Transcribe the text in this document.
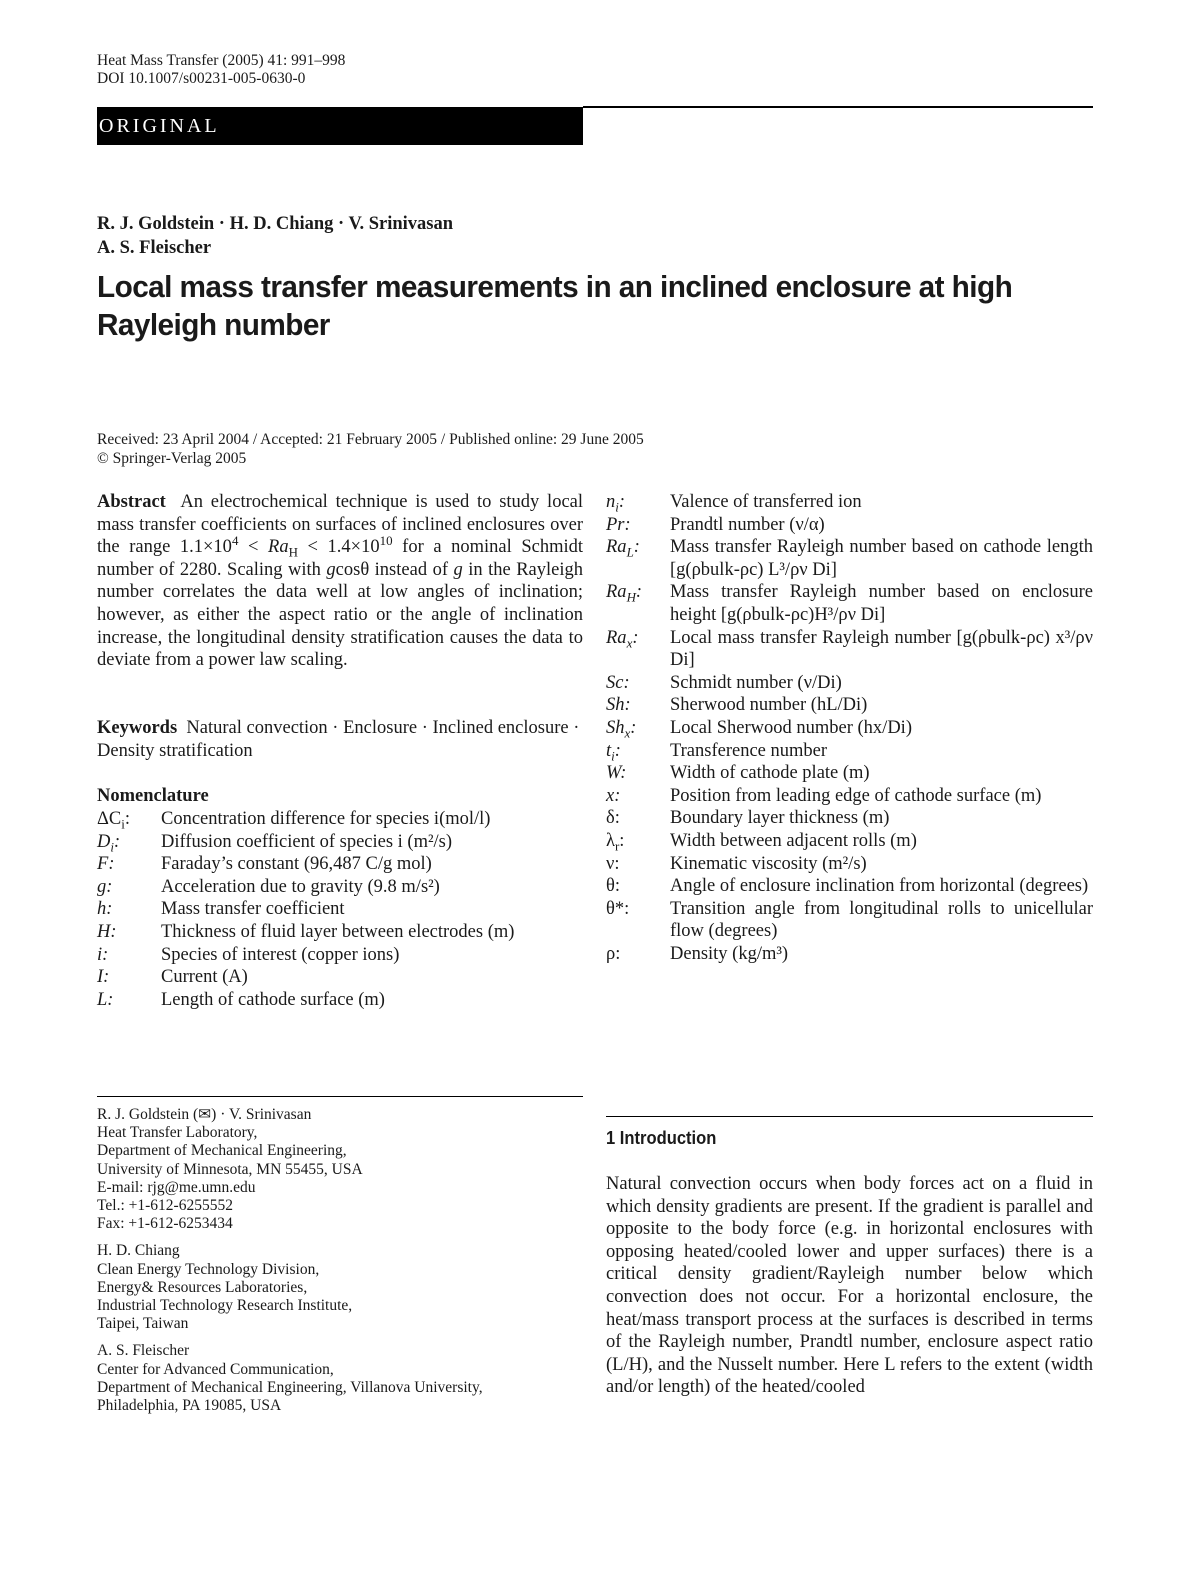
Heat Mass Transfer (2005) 41: 991–998
DOI 10.1007/s00231-005-0630-0
ORIGINAL
R. J. Goldstein · H. D. Chiang · V. Srinivasan
A. S. Fleischer
Local mass transfer measurements in an inclined enclosure at high
Rayleigh number
Received: 23 April 2004 / Accepted: 21 February 2005 / Published online: 29 June 2005
© Springer-Verlag 2005
Abstract An electrochemical technique is used to study local mass transfer coefficients on surfaces of inclined enclosures over the range $1.1\times 10^4 < Ra_H < 1.4\times 10^{10}$ for a nominal Schmidt number of 2280. Scaling with gcosθ instead of g in the Rayleigh number correlates the data well at low angles of inclination; however, as either the aspect ratio or the angle of inclination increase, the longitudinal density stratification causes the data to deviate from a power law scaling.
Keywords Natural convection · Enclosure · Inclined enclosure · Density stratification
Nomenclature
$\Delta C_i$:	Concentration difference for species i(mol/l)
$D_i$:	Diffusion coefficient of species i (m²/s)
F:	Faraday’s constant (96,487 C/g mol)
g:	Acceleration due to gravity (9.8 m/s²)
h:	Mass transfer coefficient
H:	Thickness of fluid layer between electrodes (m)
i:	Species of interest (copper ions)
I:	Current (A)
L:	Length of cathode surface (m)
$n_i$:	Valence of transferred ion
Pr:	Prandtl number (ν/α)
$Ra_L$:	Mass transfer Rayleigh number based on cathode length [g(ρbulk-ρc) L³/ρν Di]
$Ra_H$:	Mass transfer Rayleigh number based on enclosure height [g(ρbulk-ρc)H³/ρν Di]
$Ra_x$:	Local mass transfer Rayleigh number [g(ρbulk-ρc) x³/ρν Di]
Sc:	Schmidt number (ν/Di)
Sh:	Sherwood number (hL/Di)
$Sh_x$:	Local Sherwood number (hx/Di)
$t_i$:	Transference number
W:	Width of cathode plate (m)
x:	Position from leading edge of cathode surface (m)
δ:	Boundary layer thickness (m)
$\lambda_r$:	Width between adjacent rolls (m)
ν:	Kinematic viscosity (m²/s)
θ:	Angle of enclosure inclination from horizontal (degrees)
θ*:	Transition angle from longitudinal rolls to unicellular flow (degrees)
ρ:	Density (kg/m³)
R. J. Goldstein (✉) · V. Srinivasan
Heat Transfer Laboratory,
Department of Mechanical Engineering,
University of Minnesota, MN 55455, USA
E-mail: rjg@me.umn.edu
Tel.: +1-612-6255552
Fax: +1-612-6253434
H. D. Chiang
Clean Energy Technology Division,
Energy& Resources Laboratories,
Industrial Technology Research Institute,
Taipei, Taiwan
A. S. Fleischer
Center for Advanced Communication,
Department of Mechanical Engineering, Villanova University,
Philadelphia, PA 19085, USA
1 Introduction
Natural convection occurs when body forces act on a fluid in which density gradients are present. If the gradient is parallel and opposite to the body force (e.g. in horizontal enclosures with opposing heated/cooled lower and upper surfaces) there is a critical density gradient/Rayleigh number below which convection does not occur. For a horizontal enclosure, the heat/mass transport process at the surfaces is described in terms of the Rayleigh number, Prandtl number, enclosure aspect ratio (L/H), and the Nusselt number. Here L refers to the extent (width and/or length) of the heated/cooled
